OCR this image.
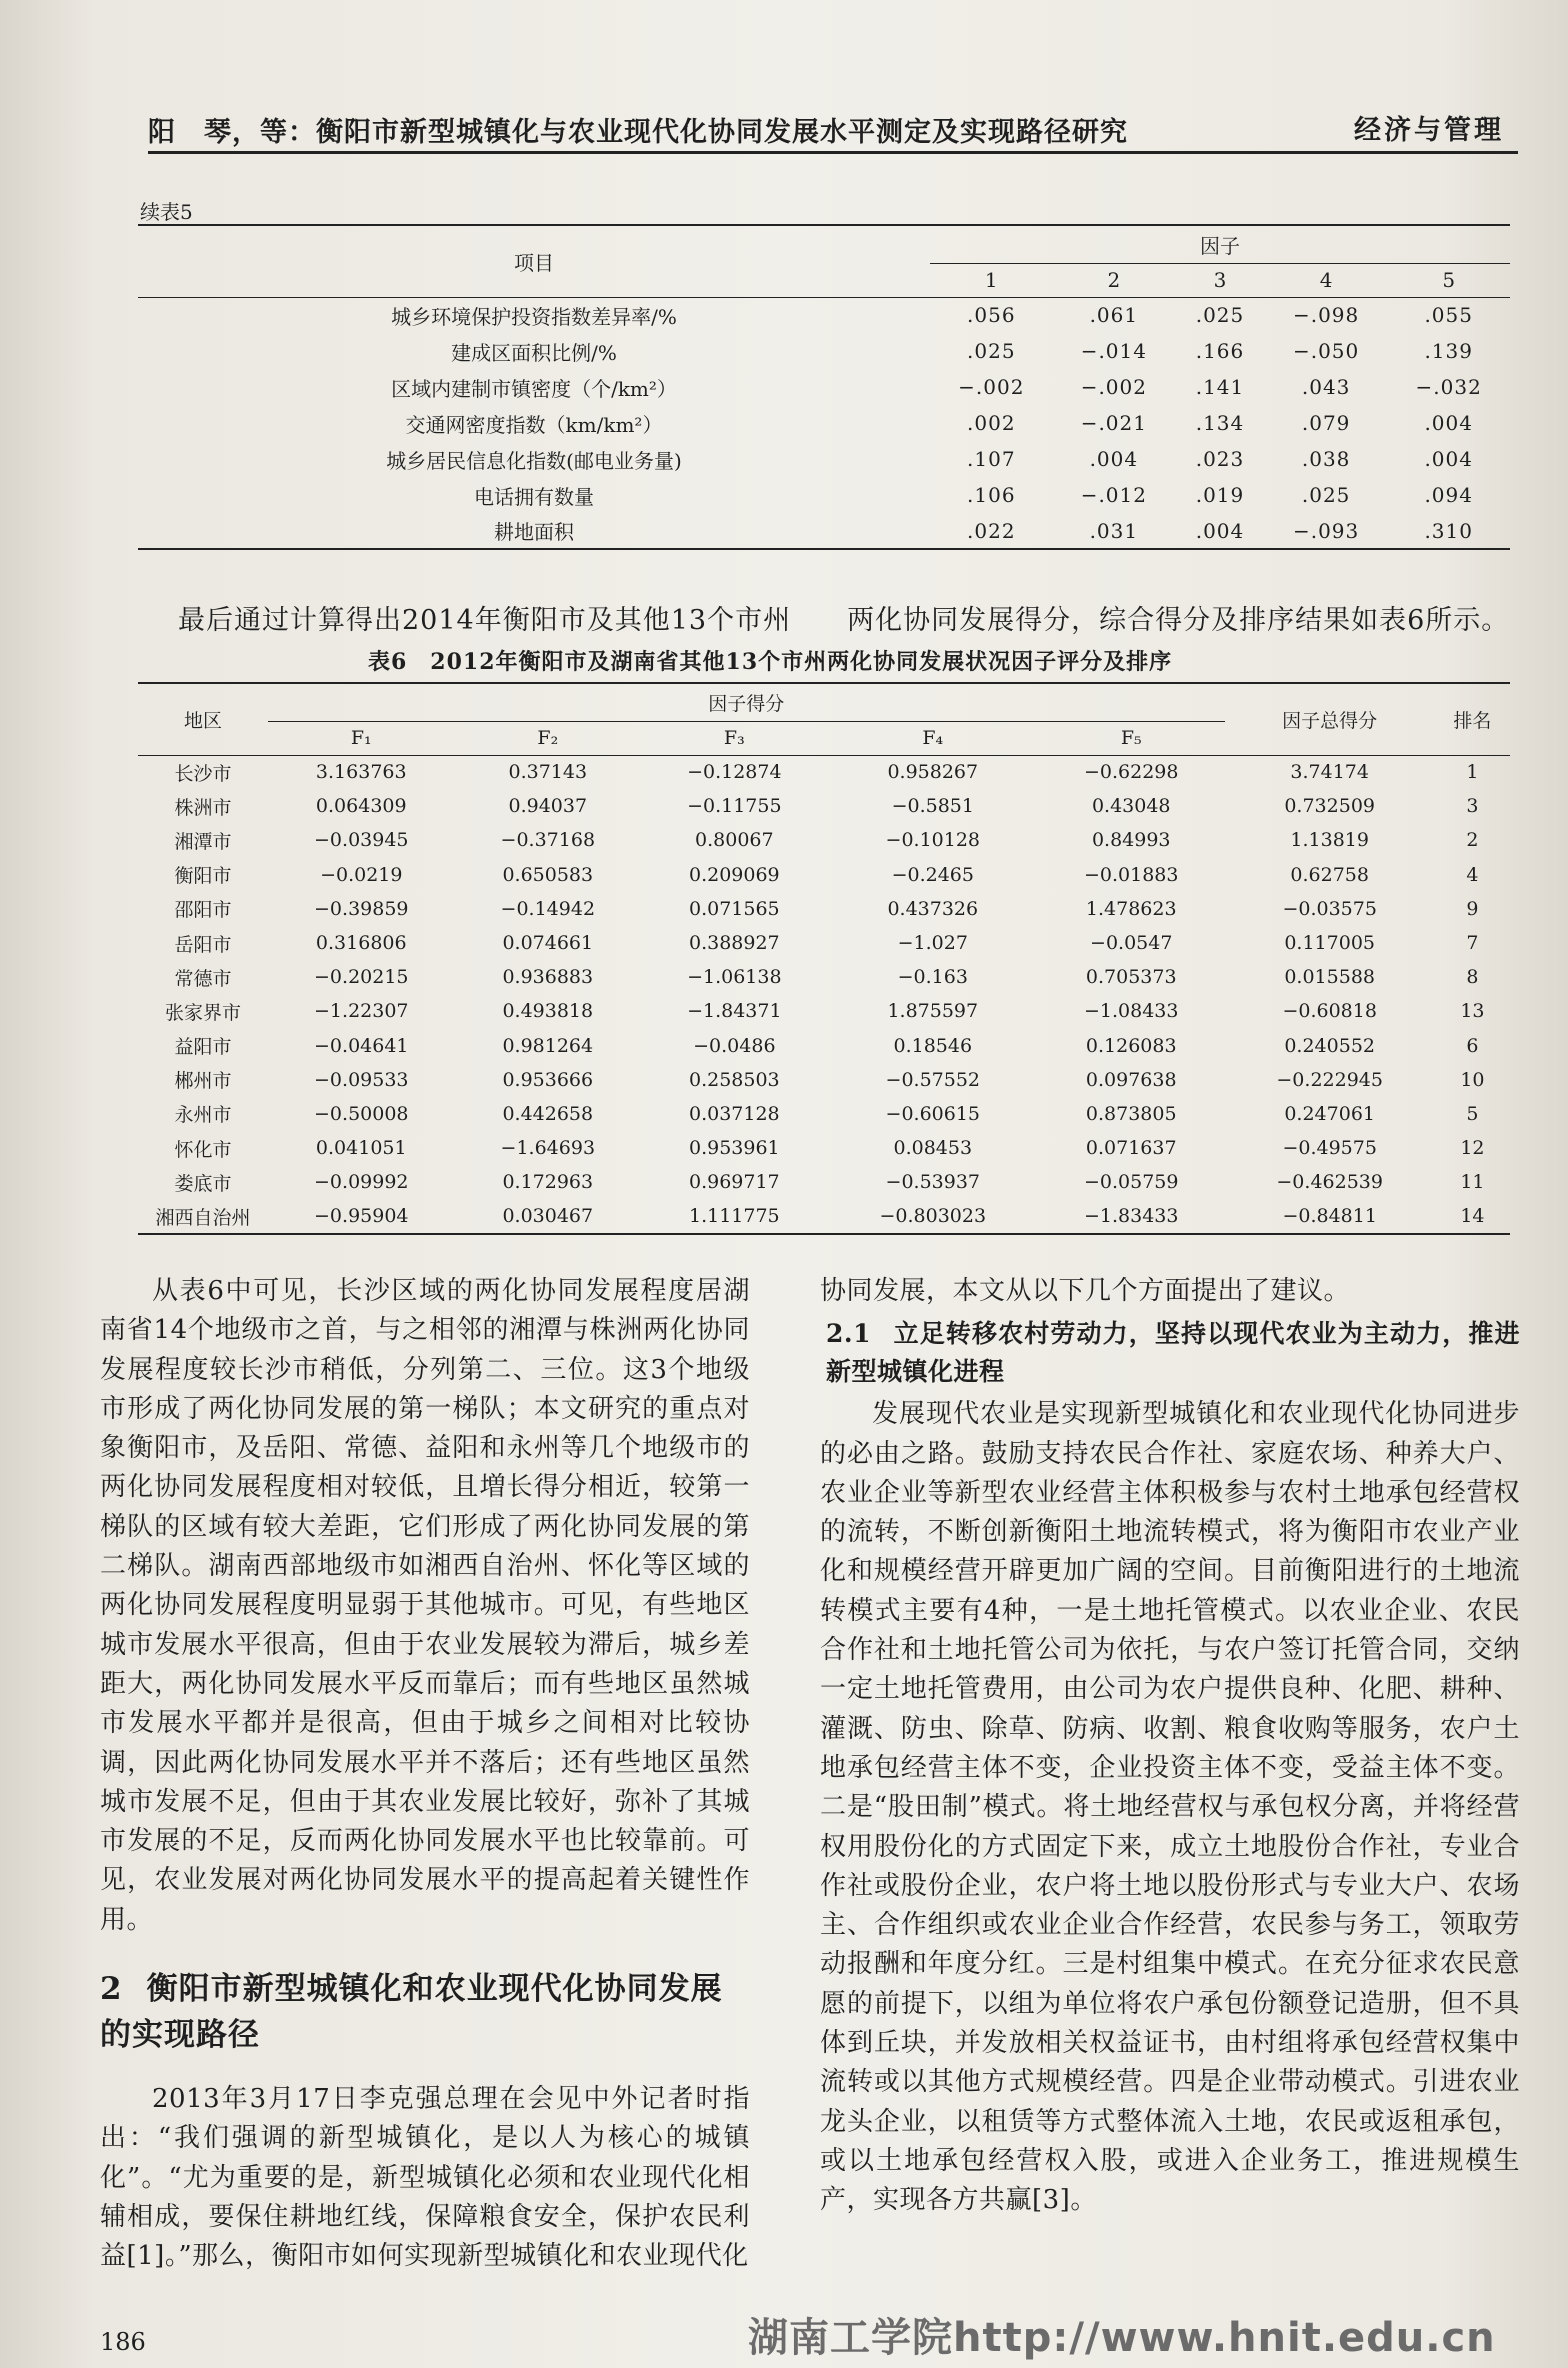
阳　琴，等：衡阳市新型城镇化与农业现代化协同发展水平测定及实现路径研究	经济与管理
续表5
项目	因子				
	1	2	3	4	5
城乡环境保护投资指数差异率/%	.056	.061	.025	−.098	.055
建成区面积比例/%	.025	−.014	.166	−.050	.139
区域内建制市镇密度（个/km²）	−.002	−.002	.141	.043	−.032
交通网密度指数（km/km²）	.002	−.021	.134	.079	.004
城乡居民信息化指数(邮电业务量)	.107	.004	.023	.038	.004
电话拥有数量	.106	−.012	.019	.025	.094
耕地面积	.022	.031	.004	−.093	.310
最后通过计算得出2014年衡阳市及其他13个市州　　两化协同发展得分，综合得分及排序结果如表6所示。
表6　2012年衡阳市及湖南省其他13个市州两化协同发展状况因子评分及排序
地区	因子得分					因子总得分	排名
	F₁	F₂	F₃	F₄	F₅		
长沙市	3.163763	0.37143	−0.12874	0.958267	−0.62298	3.74174	1
株洲市	0.064309	0.94037	−0.11755	−0.5851	0.43048	0.732509	3
湘潭市	−0.03945	−0.37168	0.80067	−0.10128	0.84993	1.13819	2
衡阳市	−0.0219	0.650583	0.209069	−0.2465	−0.01883	0.62758	4
邵阳市	−0.39859	−0.14942	0.071565	0.437326	1.478623	−0.03575	9
岳阳市	0.316806	0.074661	0.388927	−1.027	−0.0547	0.117005	7
常德市	−0.20215	0.936883	−1.06138	−0.163	0.705373	0.015588	8
张家界市	−1.22307	0.493818	−1.84371	1.875597	−1.08433	−0.60818	13
益阳市	−0.04641	0.981264	−0.0486	0.18546	0.126083	0.240552	6
郴州市	−0.09533	0.953666	0.258503	−0.57552	0.097638	−0.222945	10
永州市	−0.50008	0.442658	0.037128	−0.60615	0.873805	0.247061	5
怀化市	0.041051	−1.64693	0.953961	0.08453	0.071637	−0.49575	12
娄底市	−0.09992	0.172963	0.969717	−0.53937	−0.05759	−0.462539	11
湘西自治州	−0.95904	0.030467	1.111775	−0.803023	−1.83433	−0.84811	14

从表6中可见，长沙区域的两化协同发展程度居湖南省14个地级市之首，与之相邻的湘潭与株洲两化协同发展程度较长沙市稍低，分列第二、三位。这3个地级市形成了两化协同发展的第一梯队；本文研究的重点对象衡阳市，及岳阳、常德、益阳和永州等几个地级市的两化协同发展程度相对较低，且増长得分相近，较第一梯队的区域有较大差距，它们形成了两化协同发展的第二梯队。湖南西部地级市如湘西自治州、怀化等区域的两化协同发展程度明显弱于其他城市。可见，有些地区城市发展水平很高，但由于农业发展较为滞后，城乡差距大，两化协同发展水平反而靠后；而有些地区虽然城市发展水平都并是很高，但由于城乡之间相对比较协调，因此两化协同发展水平并不落后；还有些地区虽然城市发展不足，但由于其农业发展比较好，弥补了其城市发展的不足，反而两化协同发展水平也比较靠前。可见，农业发展对两化协同发展水平的提高起着关键性作用。

2 衡阳市新型城镇化和农业现代化协同发展的实现路径

2013年3月17日李克强总理在会见中外记者时指出：“我们强调的新型城镇化，是以人为核心的城镇化”。“尤为重要的是，新型城镇化必须和农业现代化相辅相成，要保住耕地红线，保障粮食安全，保护农民利益[1]。”那么，衡阳市如何实现新型城镇化和农业现代化

协同发展，本文从以下几个方面提出了建议。
2.1 立足转移农村劳动力，坚持以现代农业为主动力，推进新型城镇化进程

发展现代农业是实现新型城镇化和农业现代化协同进步的必由之路。鼓励支持农民合作社、家庭农场、种养大户、农业企业等新型农业经营主体积极参与农村土地承包经营权的流转，不断创新衡阳土地流转模式，将为衡阳市农业产业化和规模经营开辟更加广阔的空间。目前衡阳进行的土地流转模式主要有4种，一是土地托管模式。以农业企业、农民合作社和土地托管公司为依托，与农户签订托管合同，交纳一定土地托管费用，由公司为农户提供良种、化肥、耕种、灌溉、防虫、除草、防病、收割、粮食收购等服务，农户土地承包经营主体不变，企业投资主体不变，受益主体不变。二是“股田制”模式。将土地经营权与承包权分离，并将经营权用股份化的方式固定下来，成立土地股份合作社，专业合作社或股份企业，农户将土地以股份形式与专业大户、农场主、合作组织或农业企业合作经营，农民参与务工，领取劳动报酬和年度分红。三是村组集中模式。在充分征求农民意愿的前提下，以组为单位将农户承包份额登记造册，但不具体到丘块，并发放相关权益证书，由村组将承包经营权集中流转或以其他方式规模经营。四是企业带动模式。引进农业龙头企业，以租赁等方式整体流入土地，农民或返租承包，或以土地承包经营权入股，或进入企业务工，推进规模生产，实现各方共赢[3]。

186	湖南工学院http://www.hnit.edu.cn
